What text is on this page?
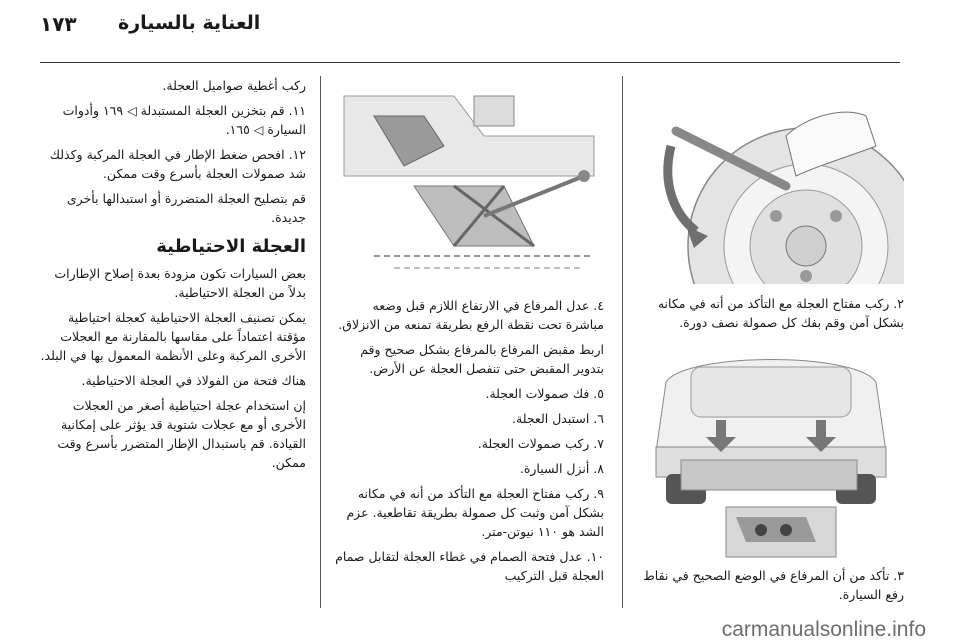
١٧٣ العناية بالسيارة
٢. ركب مفتاح العجلة مع التأكد من أنه في مكانه بشكل آمن وقم بفك كل صمولة نصف دورة.
٣. تأكد من أن المرفاع في الوضع الصحيح في نقاط رفع السيارة.
٤. عدل المرفاع في الارتفاع اللازم قبل وضعه مباشرة تحت نقطة الرفع بطريقة تمنعه من الانزلاق.

اربط مقبض المرفاع بالمرفاع بشكل صحيح وقم بتدوير المقبض حتى تنفصل العجلة عن الأرض.

٥. فك صمولات العجلة.
٦. استبدل العجلة.
٧. ركب صمولات العجلة.
٨. أنزل السيارة.
٩. ركب مفتاح العجلة مع التأكد من أنه في مكانه بشكل آمن وثبت كل صمولة بطريقة تقاطعية. عزم الشد هو ١١٠ نيوتن-متر.
١٠. عدل فتحة الصمام في غطاء العجلة لتقابل صمام العجلة قبل التركيب

ركب أغطية صواميل العجلة.

١١. قم بتخزين العجلة المستبدلة ◁ ١٦٩ وأدوات السيارة ◁ ١٦٥.
١٢. افحص ضغط الإطار في العجلة المركبة وكذلك شد صمولات العجلة بأسرع وقت ممكن.

قم بتصليح العجلة المتضررة أو استبدالها بأخرى جديدة.

العجلة الاحتياطية

بعض السيارات تكون مزودة بعدة إصلاح الإطارات بدلاً من العجلة الاحتياطية.

يمكن تصنيف العجلة الاحتياطية كعجلة احتياطية مؤقتة اعتماداً على مقاسها بالمقارنة مع العجلات الأخرى المركبة وعلى الأنظمة المعمول بها في البلد.

هناك فتحة من الفولاذ في العجلة الاحتياطية.

إن استخدام عجلة احتياطية أصغر من العجلات الأخرى أو مع عجلات شتوية قد يؤثر على إمكانية القيادة. قم باستبدال الإطار المتضرر بأسرع وقت ممكن.

carmanualsonline.info
